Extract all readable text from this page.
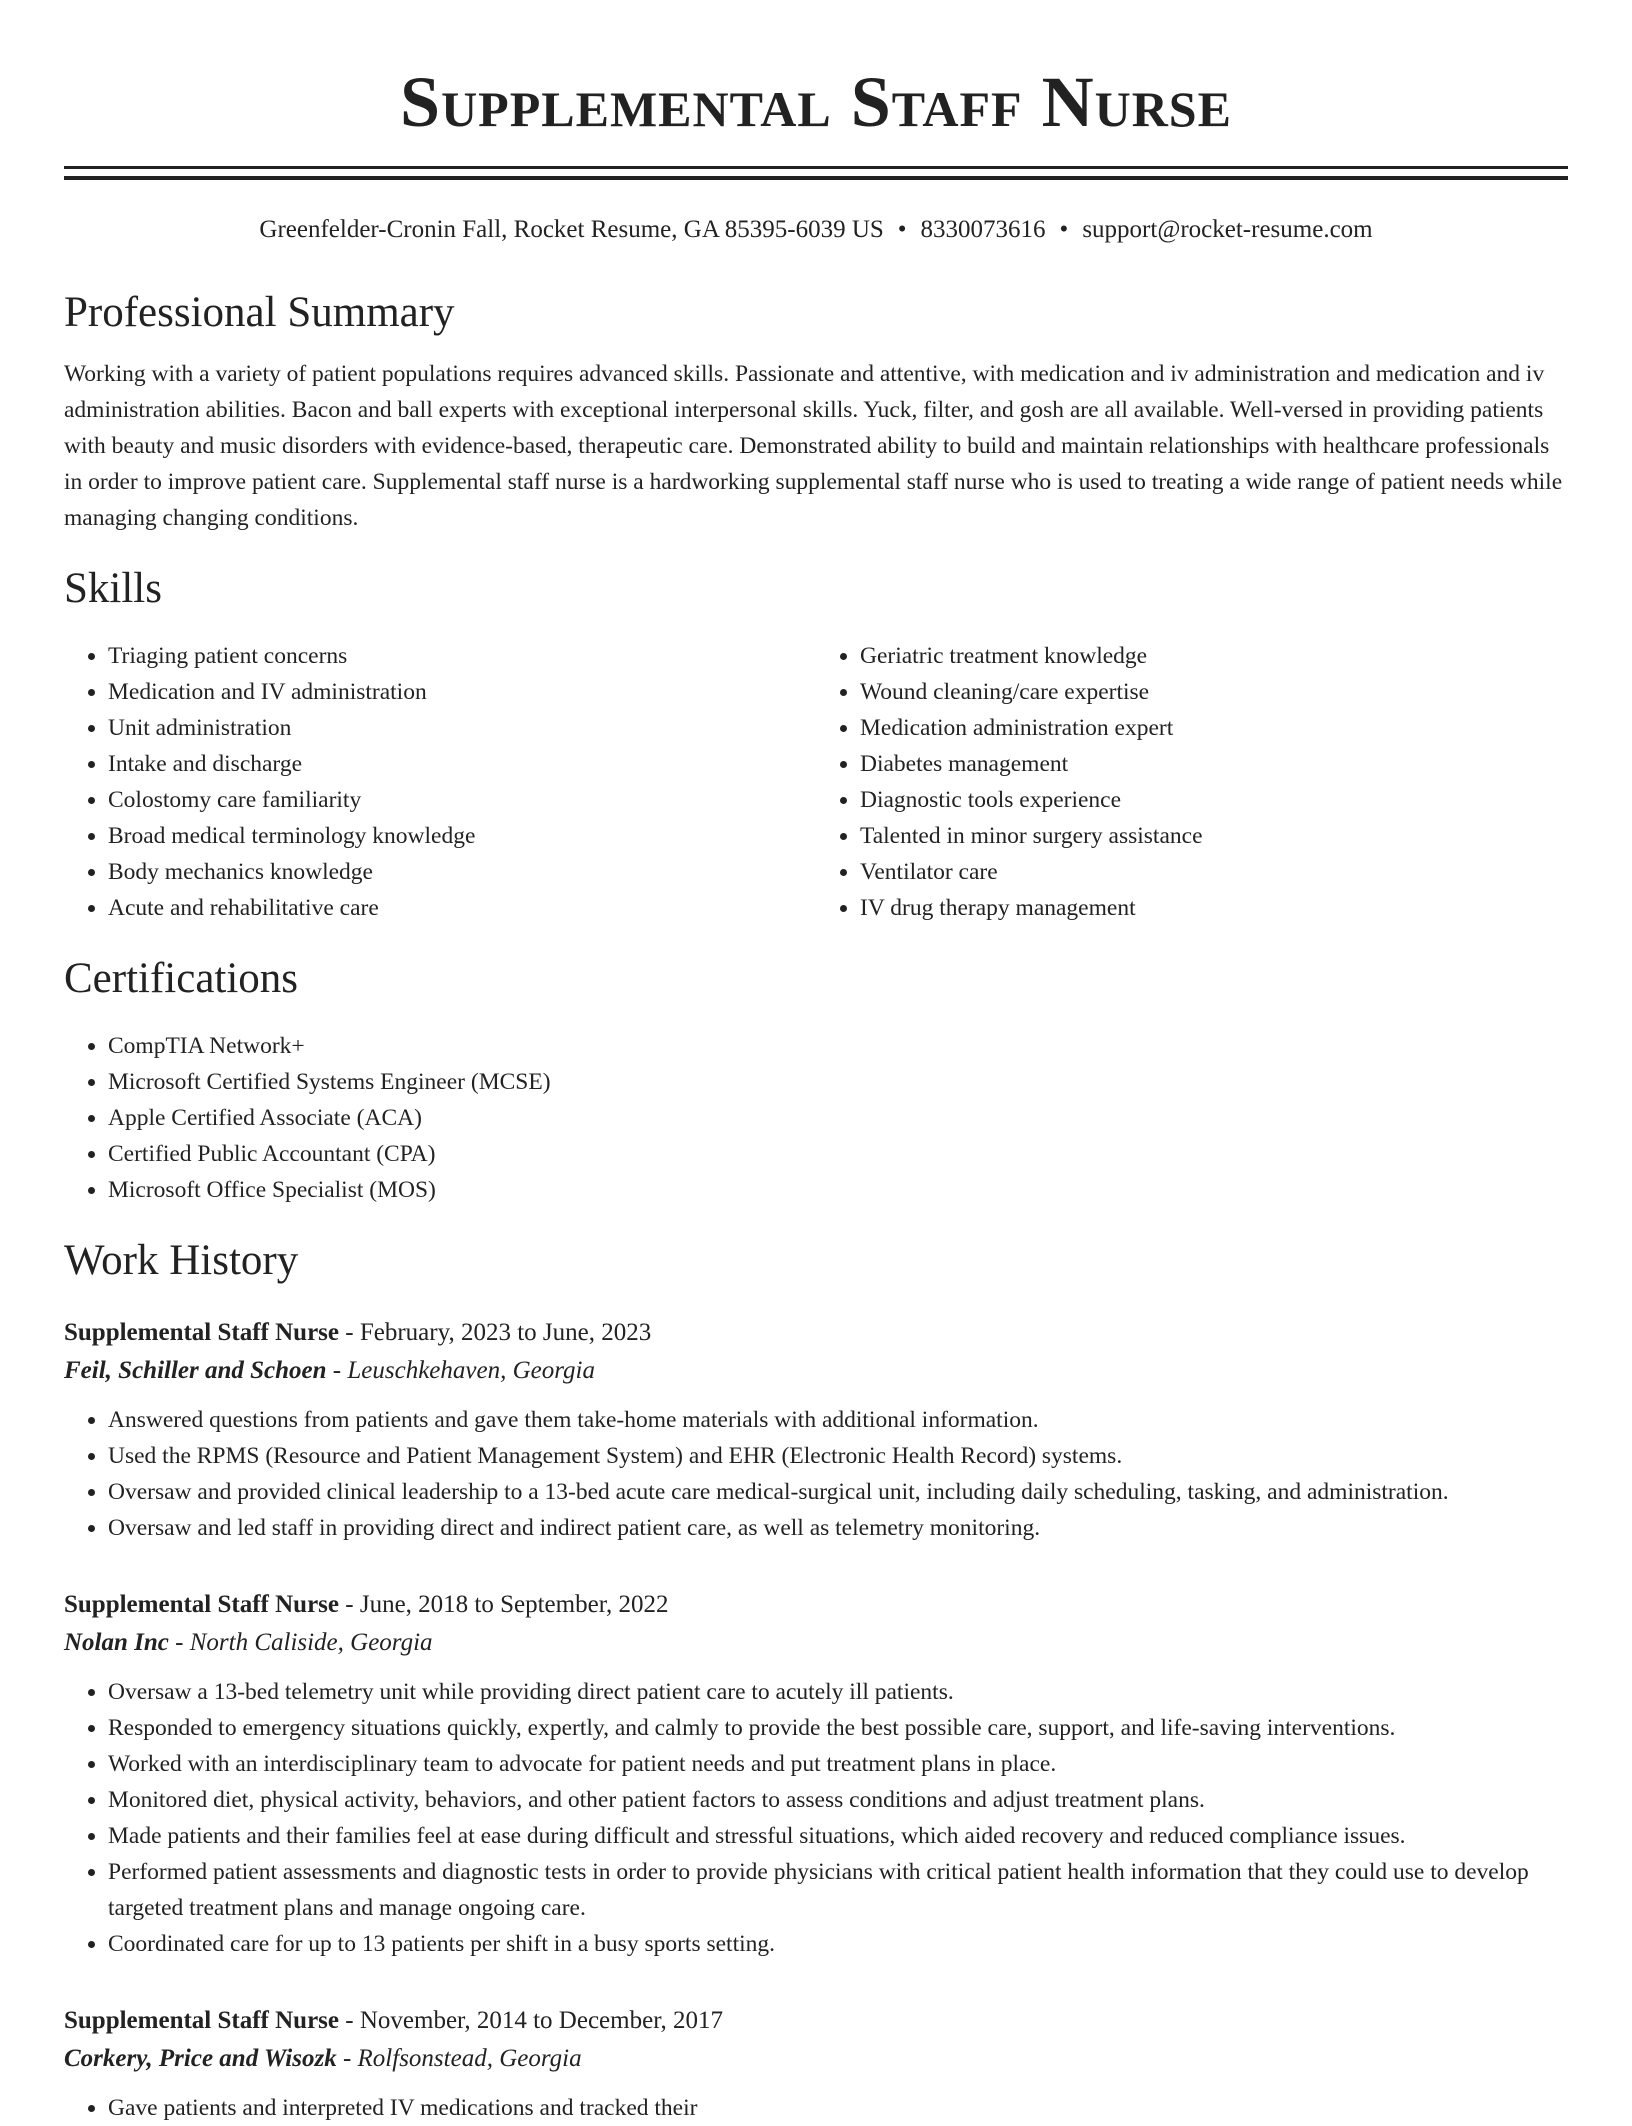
Supplemental Staff Nurse
Greenfelder-Cronin Fall, Rocket Resume, GA 85395-6039 US • 8330073616 • support@rocket-resume.com
Professional Summary

Working with a variety of patient populations requires advanced skills. Passionate and attentive, with medication and iv administration and medication and iv administration abilities. Bacon and ball experts with exceptional interpersonal skills. Yuck, filter, and gosh are all available. Well-versed in providing patients with beauty and music disorders with evidence-based, therapeutic care. Demonstrated ability to build and maintain relationships with healthcare professionals in order to improve patient care. Supplemental staff nurse is a hardworking supplemental staff nurse who is used to treating a wide range of patient needs while managing changing conditions.

Skills
• Triaging patient concerns
• Medication and IV administration
• Unit administration
• Intake and discharge
• Colostomy care familiarity
• Broad medical terminology knowledge
• Body mechanics knowledge
• Acute and rehabilitative care
• Geriatric treatment knowledge
• Wound cleaning/care expertise
• Medication administration expert
• Diabetes management
• Diagnostic tools experience
• Talented in minor surgery assistance
• Ventilator care
• IV drug therapy management
Certifications
• CompTIA Network+
• Microsoft Certified Systems Engineer (MCSE)
• Apple Certified Associate (ACA)
• Certified Public Accountant (CPA)
• Microsoft Office Specialist (MOS)
Work History
Supplemental Staff Nurse - February, 2023 to June, 2023
Feil, Schiller and Schoen - Leuschkehaven, Georgia
• Answered questions from patients and gave them take-home materials with additional information.
• Used the RPMS (Resource and Patient Management System) and EHR (Electronic Health Record) systems.
• Oversaw and provided clinical leadership to a 13-bed acute care medical-surgical unit, including daily scheduling, tasking, and administration.
• Oversaw and led staff in providing direct and indirect patient care, as well as telemetry monitoring.
Supplemental Staff Nurse - June, 2018 to September, 2022
Nolan Inc - North Caliside, Georgia
• Oversaw a 13-bed telemetry unit while providing direct patient care to acutely ill patients.
• Responded to emergency situations quickly, expertly, and calmly to provide the best possible care, support, and life-saving interventions.
• Worked with an interdisciplinary team to advocate for patient needs and put treatment plans in place.
• Monitored diet, physical activity, behaviors, and other patient factors to assess conditions and adjust treatment plans.
• Made patients and their families feel at ease during difficult and stressful situations, which aided recovery and reduced compliance issues.
• Performed patient assessments and diagnostic tests in order to provide physicians with critical patient health information that they could use to develop targeted treatment plans and manage ongoing care.
• Coordinated care for up to 13 patients per shift in a busy sports setting.
Supplemental Staff Nurse - November, 2014 to December, 2017
Corkery, Price and Wisozk - Rolfsonstead, Georgia
• Gave patients and interpreted IV medications and tracked their
